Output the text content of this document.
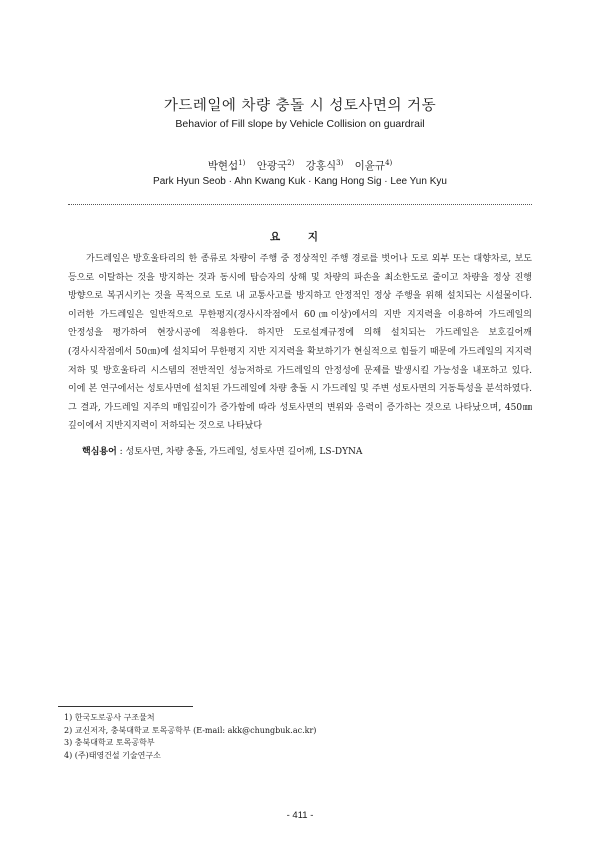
가드레일에 차량 충돌 시 성토사면의 거동
Behavior of Fill slope by Vehicle Collision on guardrail
박현섭$^{1)}$ 안광국$^{2)}$ 강홍식$^{3)}$ 이윤규$^{4)}$
Park Hyun Seob · Ahn Kwang Kuk · Kang Hong Sig · Lee Yun Kyu
요 지

가드레일은 방호울타리의 한 종류로 차량이 주행 중 정상적인 주행 경로를 벗어나 도로 외부 또는 대향차로, 보도 등으로 이탈하는 것을 방지하는 것과 동시에 탑승자의 상해 및 차량의 파손을 최소한도로 줄이고 차량을 정상 진행 방향으로 복귀시키는 것을 목적으로 도로 내 교통사고를 방지하고 안정적인 정상 주행을 위해 설치되는 시설물이다. 이러한 가드레일은 일반적으로 무한평지(경사시작점에서 60㎝이상)에서의 지반 지지력을 이용하여 가드레일의 안정성을 평가하여 현장시공에 적용한다. 하지만 도로설계규정에 의해 설치되는 가드레일은 보호길어깨(경사시작점에서 50㎝)에 설치되어 무한평지 지반 지지력을 확보하기가 현실적으로 힘들기 때문에 가드레일의 지지력 저하 및 방호울타리 시스템의 전반적인 성능저하로 가드레일의 안정성에 문제를 발생시킬 가능성을 내포하고 있다. 이에 본 연구에서는 성토사면에 설치된 가드레일에 차량 충돌 시 가드레일 및 주변 성토사면의 거동특성을 분석하였다. 그 결과, 가드레일 지주의 매입깊이가 증가함에 따라 성토사면의 변위와 응력이 증가하는 것으로 나타났으며, 450㎜ 깊이에서 지반지지력이 저하되는 것으로 나타났다

핵심용어 : 성토사면, 차량 충돌, 가드레일, 성토사면 길어깨, LS-DYNA
1) 한국도로공사 구조물처
2) 교신저자, 충북대학교 토목공학부 (E-mail: akk@chungbuk.ac.kr)
3) 충북대학교 토목공학부
4) (주)태영건설 기술연구소
- 411 -
